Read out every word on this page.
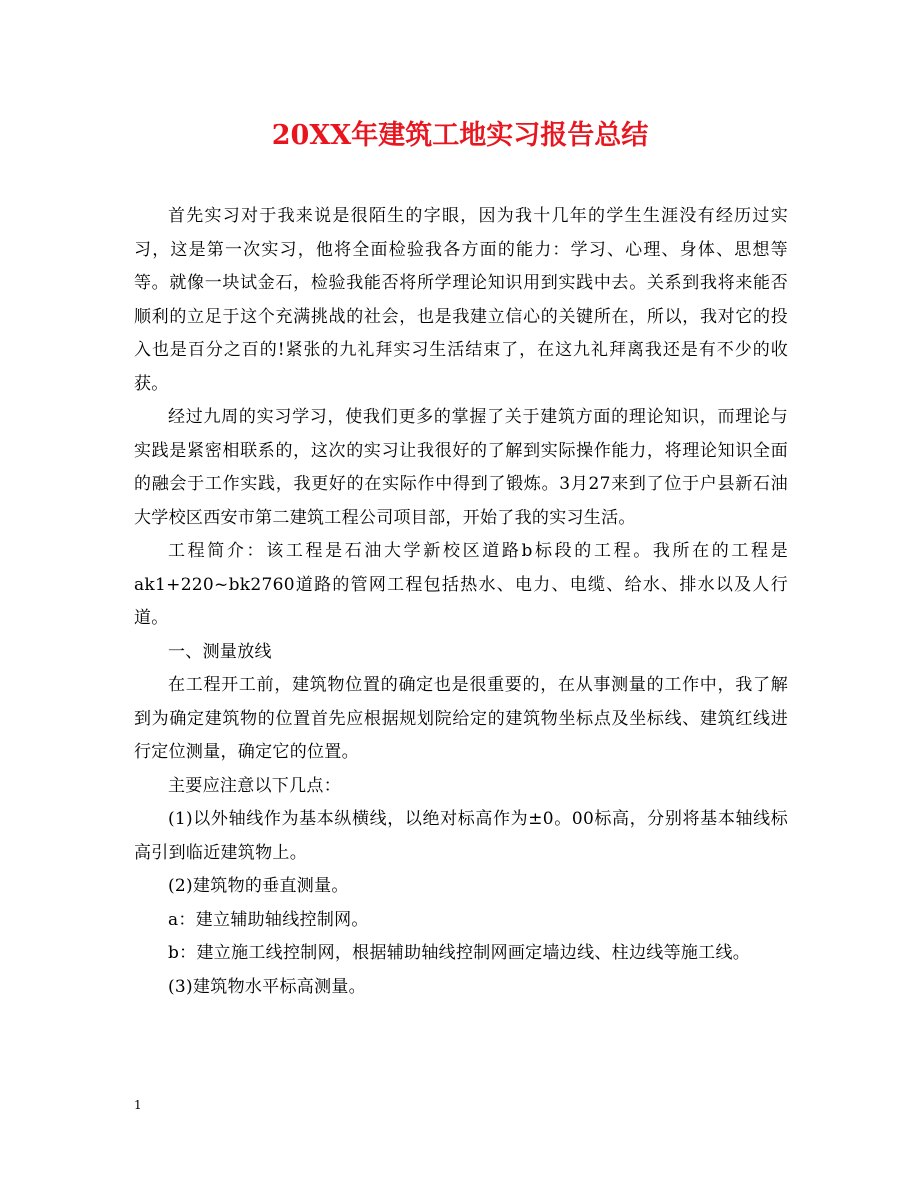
20XX年建筑工地实习报告总结

首先实习对于我来说是很陌生的字眼，因为我十几年的学生生涯没有经历过实习，这是第一次实习，他将全面检验我各方面的能力：学习、心理、身体、思想等等。就像一块试金石，检验我能否将所学理论知识用到实践中去。关系到我将来能否顺利的立足于这个充满挑战的社会，也是我建立信心的关键所在，所以，我对它的投入也是百分之百的!紧张的九礼拜实习生活结束了，在这九礼拜离我还是有不少的收获。

经过九周的实习学习，使我们更多的掌握了关于建筑方面的理论知识，而理论与实践是紧密相联系的，这次的实习让我很好的了解到实际操作能力，将理论知识全面的融会于工作实践，我更好的在实际作中得到了锻炼。3月27来到了位于户县新石油大学校区西安市第二建筑工程公司项目部，开始了我的实习生活。

工程简介：该工程是石油大学新校区道路b标段的工程。我所在的工程是ak1+220~bk2760道路的管网工程包括热水、电力、电缆、给水、排水以及人行道。

一、测量放线

在工程开工前，建筑物位置的确定也是很重要的，在从事测量的工作中，我了解到为确定建筑物的位置首先应根据规划院给定的建筑物坐标点及坐标线、建筑红线进行定位测量，确定它的位置。

主要应注意以下几点：

(1)以外轴线作为基本纵横线，以绝对标高作为±0。00标高，分别将基本轴线标高引到临近建筑物上。

(2)建筑物的垂直测量。

a：建立辅助轴线控制网。

b：建立施工线控制网，根据辅助轴线控制网画定墙边线、柱边线等施工线。

(3)建筑物水平标高测量。

1
